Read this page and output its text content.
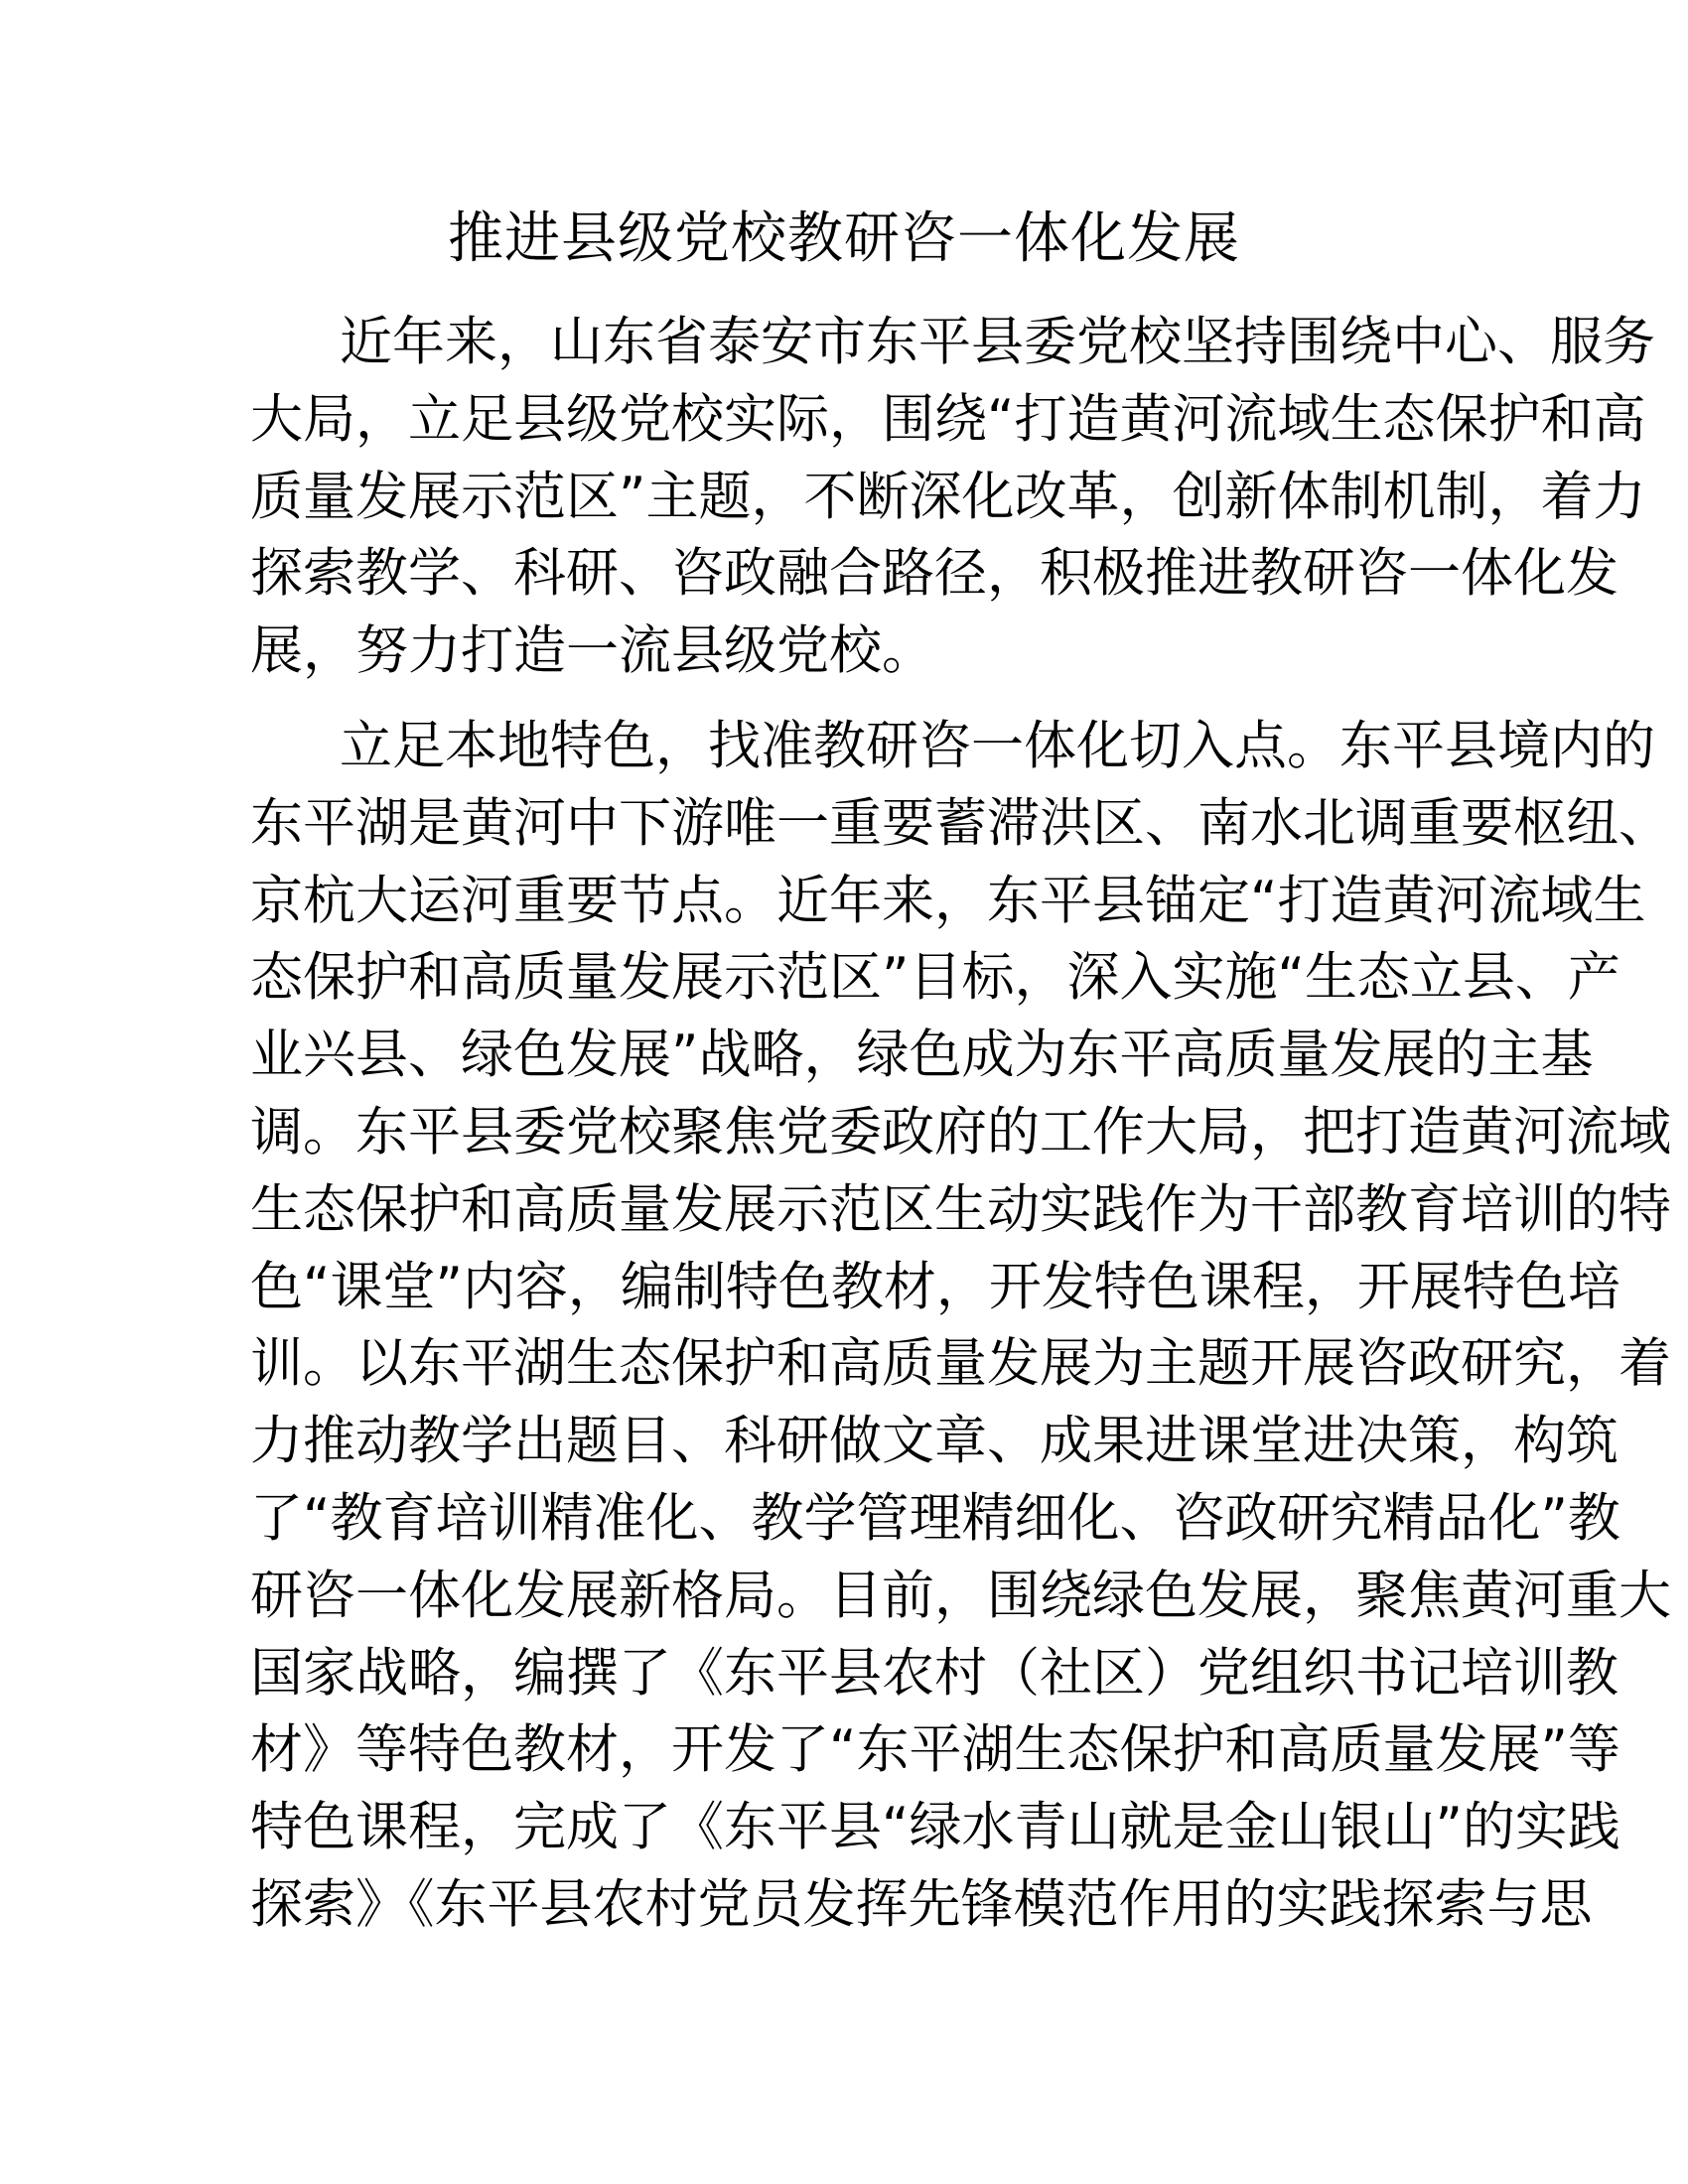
推进县级党校教研咨一体化发展
近年来，山东省泰安市东平县委党校坚持围绕中心、服务
大局，立足县级党校实际，围绕“打造黄河流域生态保护和高
质量发展示范区”主题，不断深化改革，创新体制机制，着力
探索教学、科研、咨政融合路径，积极推进教研咨一体化发
展，努力打造一流县级党校。
立足本地特色，找准教研咨一体化切入点。东平县境内的
东平湖是黄河中下游唯一重要蓄滞洪区、南水北调重要枢纽、
京杭大运河重要节点。近年来，东平县锚定“打造黄河流域生
态保护和高质量发展示范区”目标，深入实施“生态立县、产
业兴县、绿色发展”战略，绿色成为东平高质量发展的主基
调。东平县委党校聚焦党委政府的工作大局，把打造黄河流域
生态保护和高质量发展示范区生动实践作为干部教育培训的特
色“课堂”内容，编制特色教材，开发特色课程，开展特色培
训。以东平湖生态保护和高质量发展为主题开展咨政研究，着
力推动教学出题目、科研做文章、成果进课堂进决策，构筑
了“教育培训精准化、教学管理精细化、咨政研究精品化”教
研咨一体化发展新格局。目前，围绕绿色发展，聚焦黄河重大
国家战略，编撰了《东平县农村（社区）党组织书记培训教
材》等特色教材，开发了“东平湖生态保护和高质量发展”等
特色课程，完成了《东平县“绿水青山就是金山银山”的实践
探索》《东平县农村党员发挥先锋模范作用的实践探索与思
